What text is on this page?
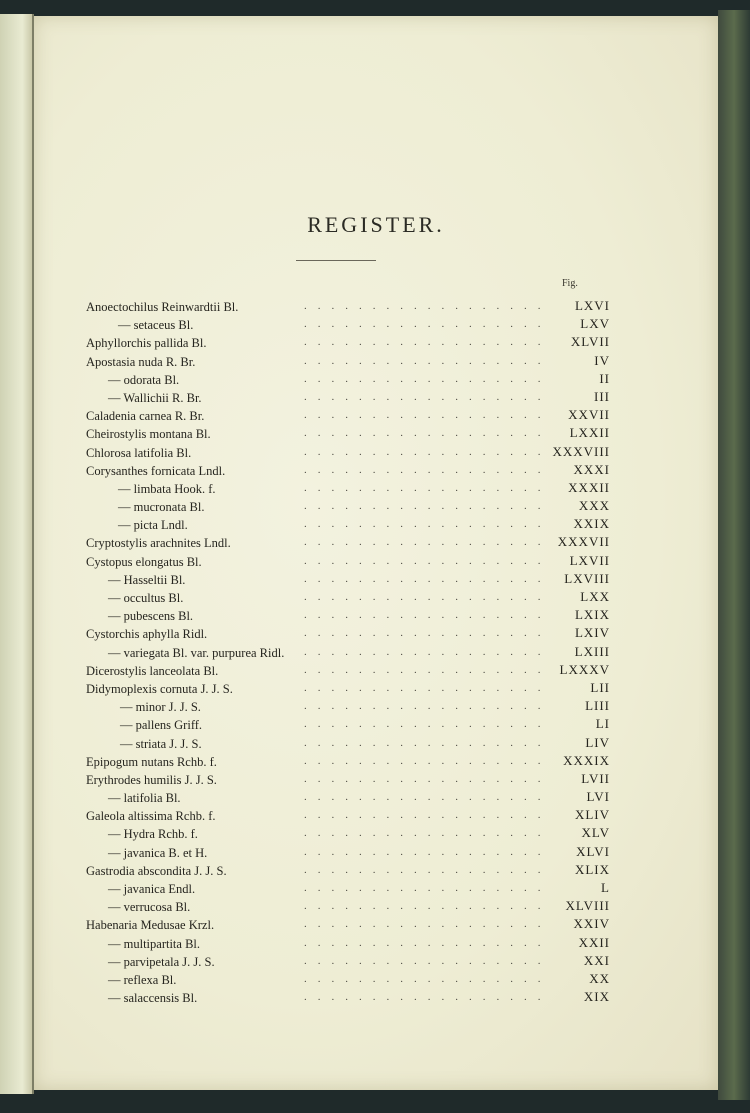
REGISTER.
Fig.
Anoectochilus Reinwardtii Bl.	.................. LXVI
— setaceus Bl.	.................. LXV
Aphyllorchis pallida Bl.	.................. XLVII
Apostasia nuda R. Br.	..................	IV
— odorata Bl.	..................	II
— Wallichii R. Br.	..................	III
Caladenia carnea R. Br.	.................. XXVII
Cheirostylis montana Bl.	.................. LXXII
Chlorosa latifolia Bl.	.................. XXXVIII
Corysanthes fornicata Lndl.	.................. XXXI
— limbata Hook. f.	.................. XXXII
— mucronata Bl.	.................. XXX
— picta Lndl.	.................. XXIX
Cryptostylis arachnites Lndl.	.................. XXXVII
Cystopus elongatus Bl.	.................. LXVII
— Hasseltii Bl.	.................. LXVIII
— occultus Bl.	.................. LXX
— pubescens Bl.	.................. LXIX
Cystorchis aphylla Ridl.	.................. LXIV
— variegata Bl. var. purpurea Ridl. .................. LXIII
Dicerostylis lanceolata Bl.	.................. LXXXV
Didymoplexis cornuta J. J. S.	..................	LII
— minor J. J. S.	..................	LIII
— pallens Griff.	..................	LI
— striata J. J. S.	..................	LIV
Epipogum nutans Rchb. f.	.................. XXXIX
Erythrodes humilis J. J. S.	.................. LVII
— latifolia Bl.	..................	LVI
Galeola altissima Rchb. f.	.................. XLIV
— Hydra Rchb. f.	.................. XLV
— javanica B. et H.	.................. XLVI
Gastrodia abscondita J. J. S.	.................. XLIX
— javanica Endl.	..................	L
— verrucosa Bl.	.................. XLVIII
Habenaria Medusae Krzl.	.................. XXIV
— multipartita Bl.	.................. XXII
— parvipetala J. J. S.	.................. XXI
— reflexa Bl.	..................	XX
— salaccensis Bl.	.................. XIX
